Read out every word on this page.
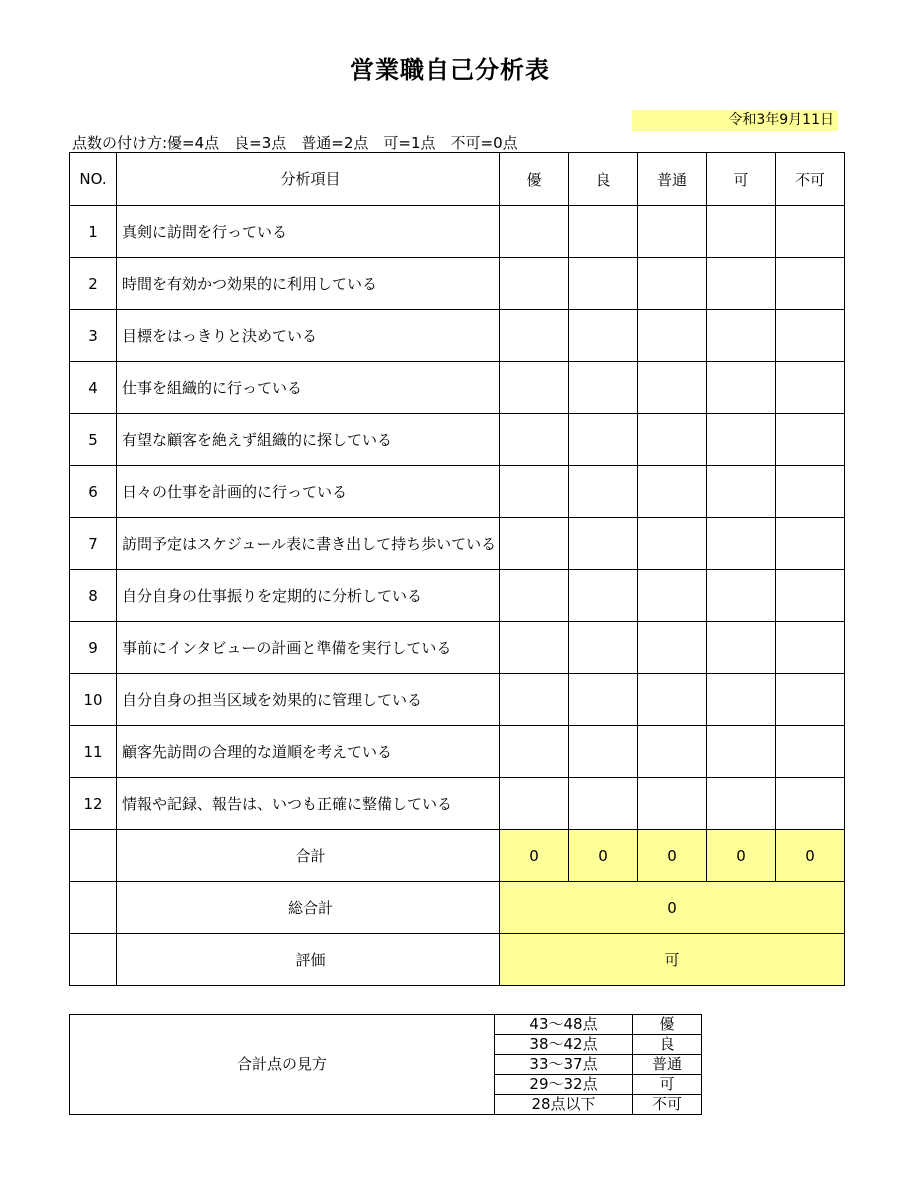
営業職自己分析表
令和3年9月11日
点数の付け方:優=4点　良=3点　普通=2点　可=1点　不可=0点
NO.	分析項目	優	良	普通	可	不可
1	真剣に訪問を行っている					
2	時間を有効かつ効果的に利用している					
3	目標をはっきりと決めている					
4	仕事を組織的に行っている					
5	有望な顧客を絶えず組織的に探している					
6	日々の仕事を計画的に行っている					
7	訪問予定はスケジュール表に書き出して持ち歩いている					
8	自分自身の仕事振りを定期的に分析している					
9	事前にインタビューの計画と準備を実行している					
10	自分自身の担当区域を効果的に管理している					
11	顧客先訪問の合理的な道順を考えている					
12	情報や記録、報告は、いつも正確に整備している					
	合計	0	0	0	0	0
	総合計	0				
	評価	可				
合計点の見方	43～48点	優
	38～42点	良
	33～37点	普通
	29～32点	可
	28点以下	不可
